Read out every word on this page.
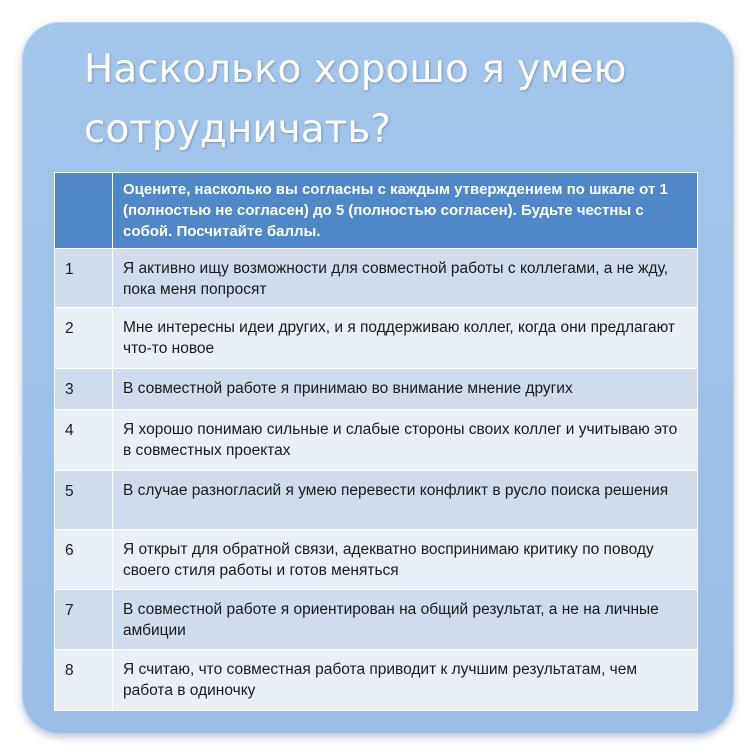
Насколько хорошо я умею сотрудничать?
	Оцените, насколько вы согласны с каждым утверждением по шкале от 1 (полностью не согласен) до 5 (полностью согласен). Будьте честны с собой. Посчитайте баллы.
1	Я активно ищу возможности для совместной работы с коллегами, а не жду, пока меня попросят
2	Мне интересны идеи других, и я поддерживаю коллег, когда они предлагают что-то новое
3	В совместной работе я принимаю во внимание мнение других
4	Я хорошо понимаю сильные и слабые стороны своих коллег и учитываю это в совместных проектах
5	В случае разногласий я умею перевести конфликт в русло поиска решения
6	Я открыт для обратной связи, адекватно воспринимаю критику по поводу своего стиля работы и готов меняться
7	В совместной работе я ориентирован на общий результат, а не на личные амбиции
8	Я считаю, что совместная работа приводит к лучшим результатам, чем работа в одиночку
